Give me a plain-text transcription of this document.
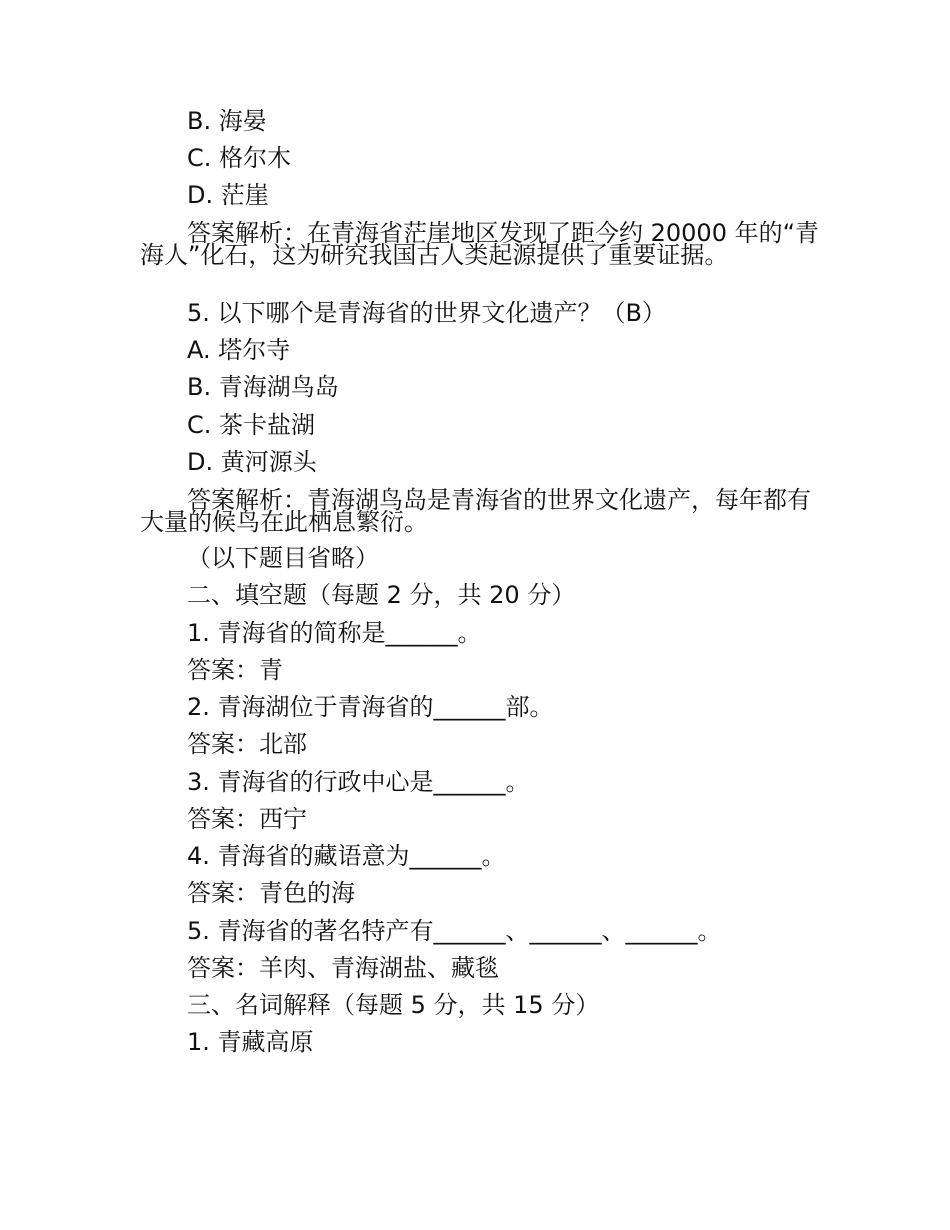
B. 海晏
C. 格尔木
D. 茫崖
答案解析：在青海省茫崖地区发现了距今约 20000 年的“青海人”化石，这为研究我国古人类起源提供了重要证据。
5. 以下哪个是青海省的世界文化遗产？（B）
A. 塔尔寺
B. 青海湖鸟岛
C. 茶卡盐湖
D. 黄河源头
答案解析：青海湖鸟岛是青海省的世界文化遗产，每年都有大量的候鸟在此栖息繁衍。
（以下题目省略）
二、填空题（每题 2 分，共 20 分）
1. 青海省的简称是______。
答案：青
2. 青海湖位于青海省的______部。
答案：北部
3. 青海省的行政中心是______。
答案：西宁
4. 青海省的藏语意为______。
答案：青色的海
5. 青海省的著名特产有______、______、______。
答案：羊肉、青海湖盐、藏毯
三、名词解释（每题 5 分，共 15 分）
1. 青藏高原
